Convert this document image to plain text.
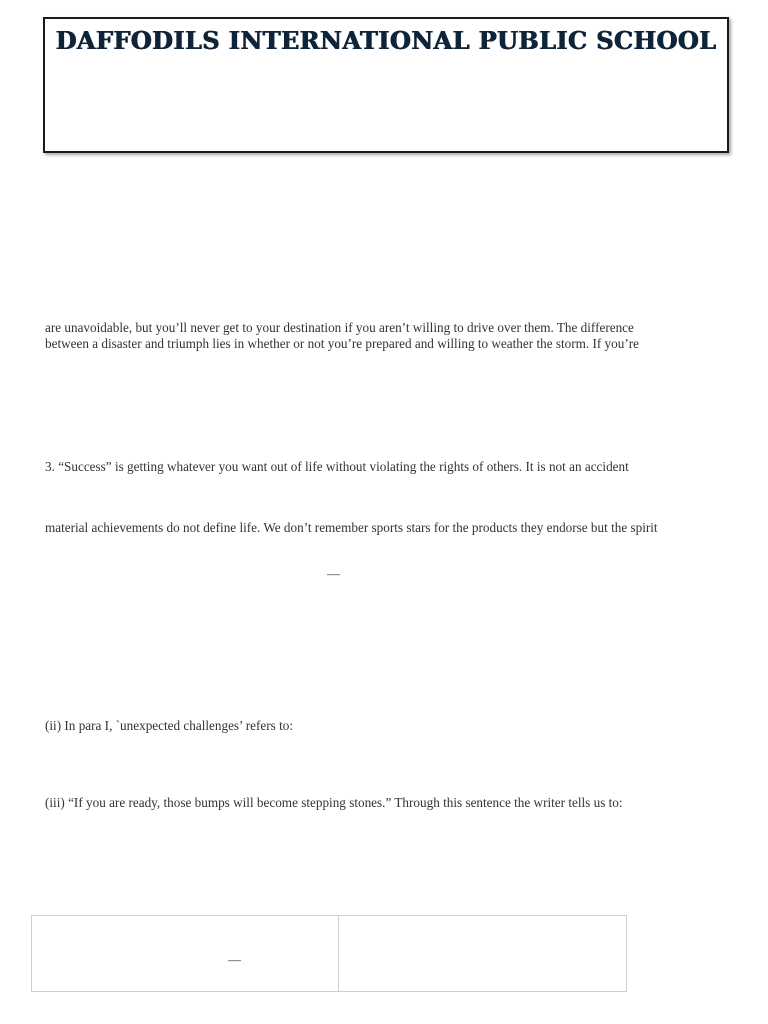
DAFFODILS INTERNATIONAL PUBLIC SCHOOL
are unavoidable, but you’ll never get to your destination if you aren’t willing to drive over them. The difference
between a disaster and triumph lies in whether or not you’re prepared and willing to weather the storm. If you’re
3. “Success” is getting whatever you want out of life without violating the rights of others. It is not an accident
material achievements do not define life. We don’t remember sports stars for the products they endorse but the spirit
—
(ii) In para I, `unexpected challenges’ refers to:
(iii) “If you are ready, those bumps will become stepping stones.” Through this sentence the writer tells us to:
—
